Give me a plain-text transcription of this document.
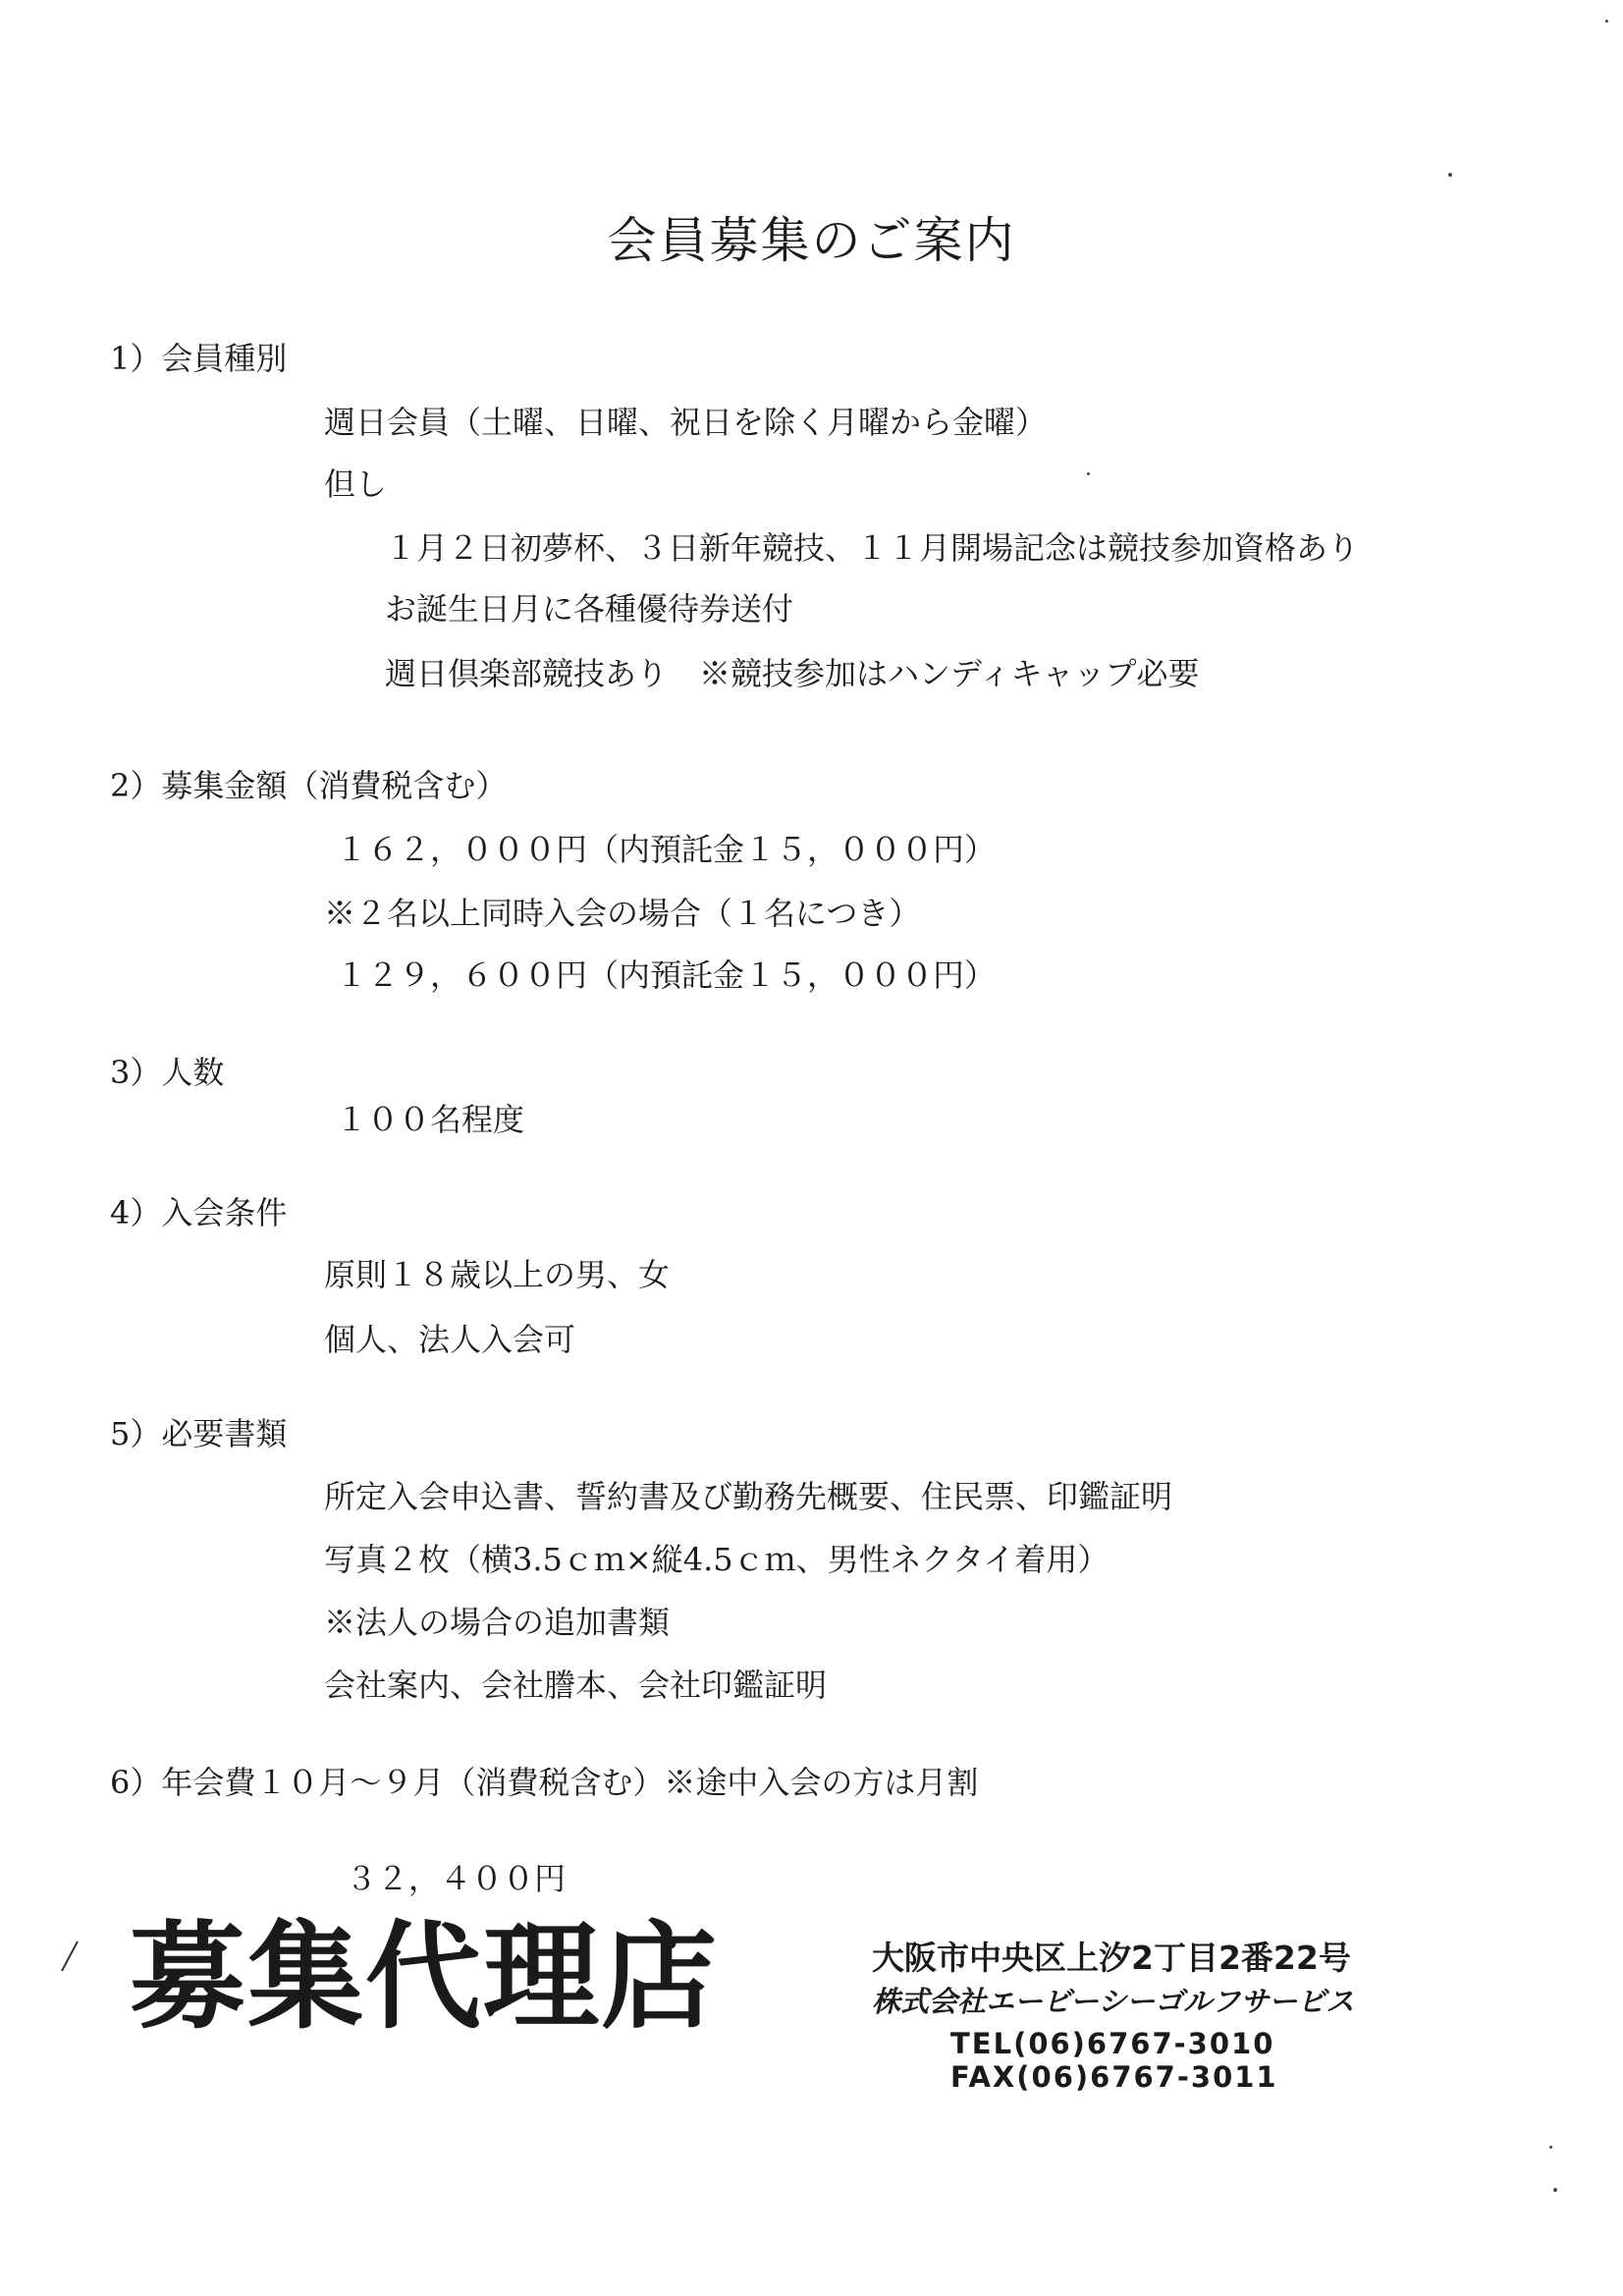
会員募集のご案内
1）会員種別
週日会員（土曜、日曜、祝日を除く月曜から金曜）
但し
１月２日初夢杯、３日新年競技、１１月開場記念は競技参加資格あり
お誕生日月に各種優待券送付
週日倶楽部競技あり　※競技参加はハンディキャップ必要
2）募集金額（消費税含む）
１６２，０００円（内預託金１５，０００円）
※２名以上同時入会の場合（１名につき）
１２９，６００円（内預託金１５，０００円）
3）人数
１００名程度
4）入会条件
原則１８歳以上の男、女
個人、法人入会可
5）必要書類
所定入会申込書、誓約書及び勤務先概要、住民票、印鑑証明
写真２枚（横3.5ｃｍ×縦4.5ｃｍ、男性ネクタイ着用）
※法人の場合の追加書類
会社案内、会社謄本、会社印鑑証明
6）年会費１０月～９月（消費税含む）※途中入会の方は月割
３２，４００円
募集代理店	大阪市中央区上汐2丁目2番22号
株式会社エービーシーゴルフサービス
TEL(06)6767-3010
FAX(06)6767-3011
